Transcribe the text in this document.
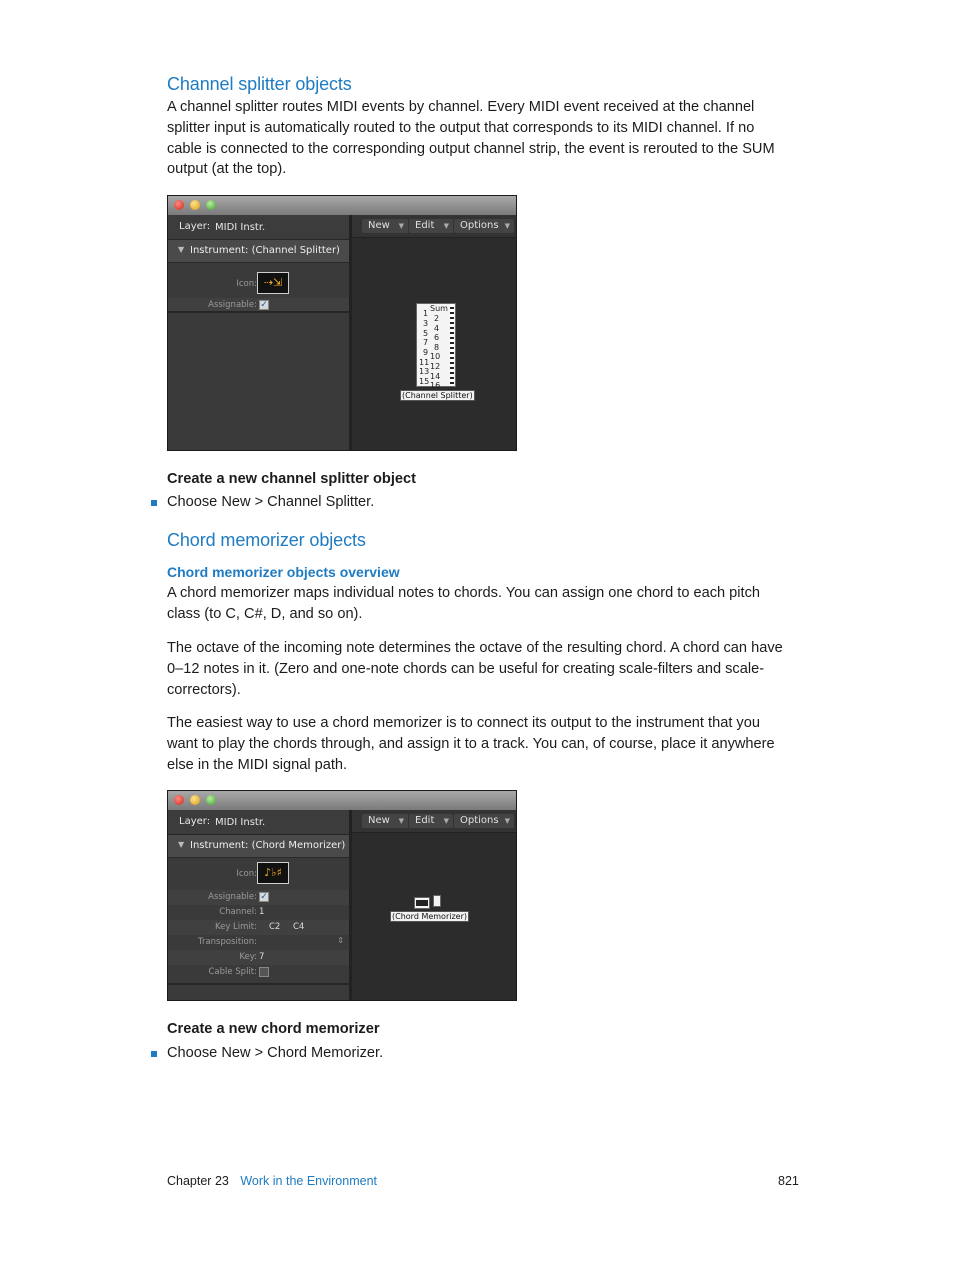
Channel splitter objects
A channel splitter routes MIDI events by channel. Every MIDI event received at the channel splitter input is automatically routed to the output that corresponds to its MIDI channel. If no cable is connected to the corresponding output channel strip, the event is rerouted to the SUM output (at the top).
Layer: MIDI Instr.
▼ Instrument: (Channel Splitter)
Icon: ⇢⇲
Assignable: ✓
New ▼	Edit ▼	Options ▼
Sum
1
3
5
7
9
11
13
15
2
4
6
8
10
12
14
16
(Channel Splitter)
Create a new channel splitter object
Choose New > Channel Splitter.
Chord memorizer objects
Chord memorizer objects overview
A chord memorizer maps individual notes to chords. You can assign one chord to each pitch class (to C, C#, D, and so on).
The octave of the incoming note determines the octave of the resulting chord. A chord can have 0–12 notes in it. (Zero and one-note chords can be useful for creating scale-filters and scale-correctors).
The easiest way to use a chord memorizer is to connect its output to the instrument that you want to play the chords through, and assign it to a track. You can, of course, place it anywhere else in the MIDI signal path.
Layer: MIDI Instr.
▼ Instrument: (Chord Memorizer)
Icon: ♪♭♯
Assignable: ✓
Channel: 1
Key Limit: C2 C4
Transposition:	⇕
Key: 7
Cable Split:
New ▼	Edit ▼	Options ▼
(Chord Memorizer)
Create a new chord memorizer
Choose New > Chord Memorizer.
Chapter 23 Work in the Environment	821
